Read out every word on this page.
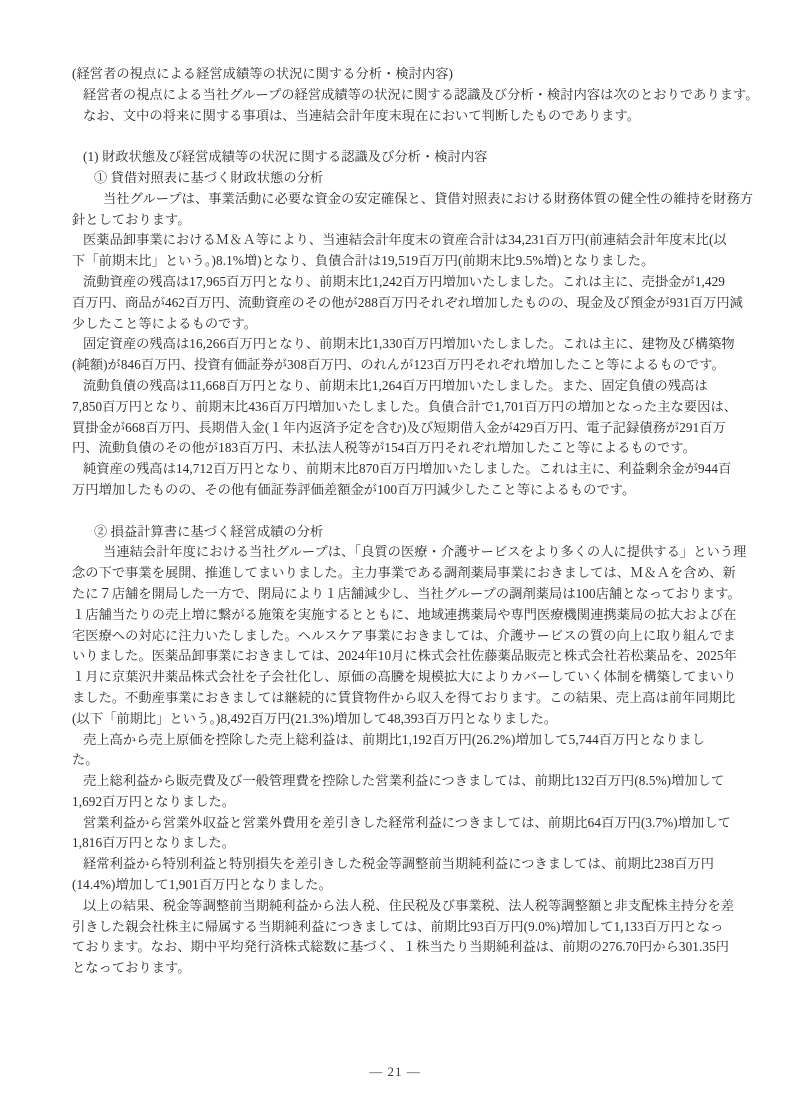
(経営者の視点による経営成績等の状況に関する分析・検討内容)
経営者の視点による当社グループの経営成績等の状況に関する認識及び分析・検討内容は次のとおりであります。
なお、文中の将来に関する事項は、当連結会計年度末現在において判断したものであります。
(1) 財政状態及び経営成績等の状況に関する認識及び分析・検討内容
① 貸借対照表に基づく財政状態の分析
当社グループは、事業活動に必要な資金の安定確保と、貸借対照表における財務体質の健全性の維持を財務方
針としております。
医薬品卸事業におけるＭ＆Ａ等により、当連結会計年度末の資産合計は34,231百万円(前連結会計年度末比(以
下「前期末比」という。)8.1%増)となり、負債合計は19,519百万円(前期末比9.5%増)となりました。
流動資産の残高は17,965百万円となり、前期末比1,242百万円増加いたしました。これは主に、売掛金が1,429
百万円、商品が462百万円、流動資産のその他が288百万円それぞれ増加したものの、現金及び預金が931百万円減
少したこと等によるものです。
固定資産の残高は16,266百万円となり、前期末比1,330百万円増加いたしました。これは主に、建物及び構築物
(純額)が846百万円、投資有価証券が308百万円、のれんが123百万円それぞれ増加したこと等によるものです。
流動負債の残高は11,668百万円となり、前期末比1,264百万円増加いたしました。また、固定負債の残高は
7,850百万円となり、前期末比436百万円増加いたしました。負債合計で1,701百万円の増加となった主な要因は、
買掛金が668百万円、長期借入金(１年内返済予定を含む)及び短期借入金が429百万円、電子記録債務が291百万
円、流動負債のその他が183百万円、未払法人税等が154百万円それぞれ増加したこと等によるものです。
純資産の残高は14,712百万円となり、前期末比870百万円増加いたしました。これは主に、利益剰余金が944百
万円増加したものの、その他有価証券評価差額金が100百万円減少したこと等によるものです。
② 損益計算書に基づく経営成績の分析
当連結会計年度における当社グループは、「良質の医療・介護サービスをより多くの人に提供する」という理
念の下で事業を展開、推進してまいりました。主力事業である調剤薬局事業におきましては、Ｍ＆Ａを含め、新
たに７店舗を開局した一方で、閉局により１店舗減少し、当社グループの調剤薬局は100店舗となっております。
１店舗当たりの売上増に繋がる施策を実施するとともに、地域連携薬局や専門医療機関連携薬局の拡大および在
宅医療への対応に注力いたしました。ヘルスケア事業におきましては、介護サービスの質の向上に取り組んでま
いりました。医薬品卸事業におきましては、2024年10月に株式会社佐藤薬品販売と株式会社若松薬品を、2025年
１月に京葉沢井薬品株式会社を子会社化し、原価の高騰を規模拡大によりカバーしていく体制を構築してまいり
ました。不動産事業におきましては継続的に賃貸物件から収入を得ております。この結果、売上高は前年同期比
(以下「前期比」という。)8,492百万円(21.3%)増加して48,393百万円となりました。
売上高から売上原価を控除した売上総利益は、前期比1,192百万円(26.2%)増加して5,744百万円となりまし
た。
売上総利益から販売費及び一般管理費を控除した営業利益につきましては、前期比132百万円(8.5%)増加して
1,692百万円となりました。
営業利益から営業外収益と営業外費用を差引きした経常利益につきましては、前期比64百万円(3.7%)増加して
1,816百万円となりました。
経常利益から特別利益と特別損失を差引きした税金等調整前当期純利益につきましては、前期比238百万円
(14.4%)増加して1,901百万円となりました。
以上の結果、税金等調整前当期純利益から法人税、住民税及び事業税、法人税等調整額と非支配株主持分を差
引きした親会社株主に帰属する当期純利益につきましては、前期比93百万円(9.0%)増加して1,133百万円となっ
ております。なお、期中平均発行済株式総数に基づく、１株当たり当期純利益は、前期の276.70円から301.35円
となっております。
― 21 ―
